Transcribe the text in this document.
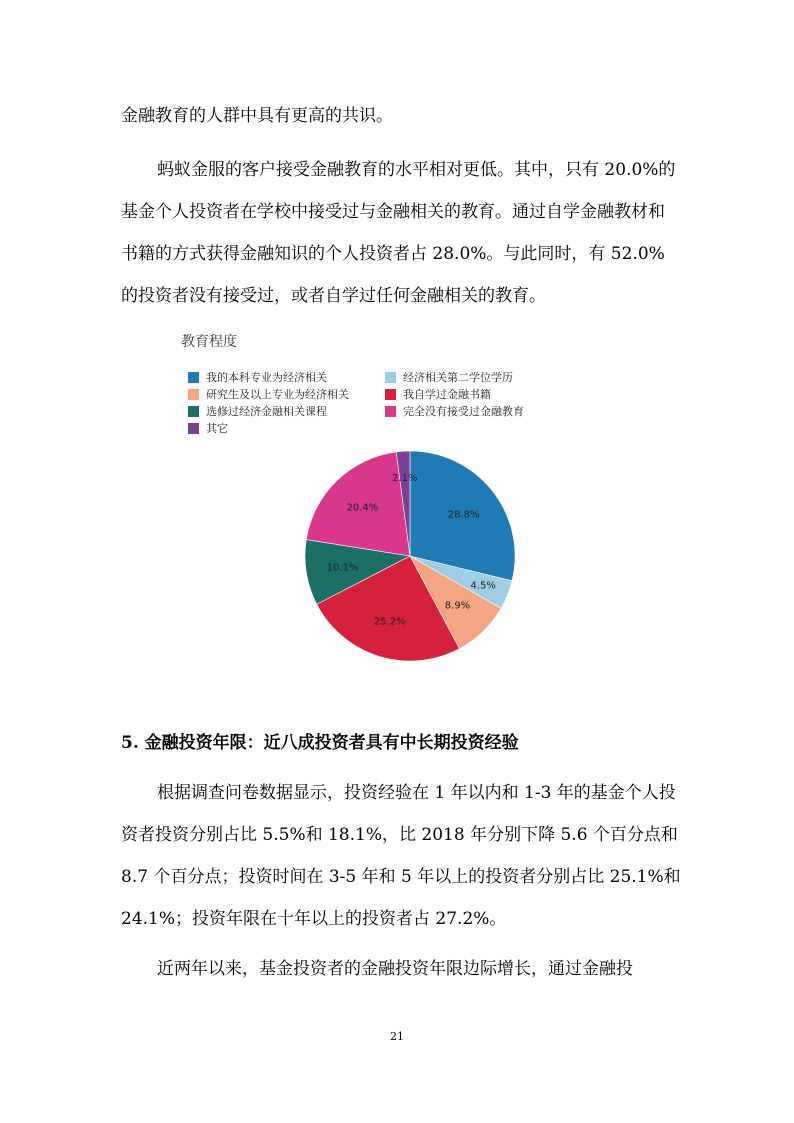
金融教育的人群中具有更高的共识。

蚂蚁金服的客户接受金融教育的水平相对更低。其中，只有 20.0%的基金个人投资者在学校中接受过与金融相关的教育。通过自学金融教材和书籍的方式获得金融知识的个人投资者占 28.0%。与此同时，有 52.0%的投资者没有接受过，或者自学过任何金融相关的教育。

教育程度
我的本科专业为经济相关	经济相关第二学位学历
研究生及以上专业为经济相关	我自学过金融书籍
选修过经济金融相关课程	完全没有接受过金融教育
其它
28.8%
4.5%
8.9%
25.2%
10.1%
20.4%
2.1%
5. 金融投资年限：近八成投资者具有中长期投资经验

根据调查问卷数据显示，投资经验在 1 年以内和 1-3 年的基金个人投资者投资分别占比 5.5%和 18.1%，比 2018 年分别下降 5.6 个百分点和 8.7 个百分点；投资时间在 3-5 年和 5 年以上的投资者分别占比 25.1%和 24.1%；投资年限在十年以上的投资者占 27.2%。

近两年以来，基金投资者的金融投资年限边际增长，通过金融投

21
